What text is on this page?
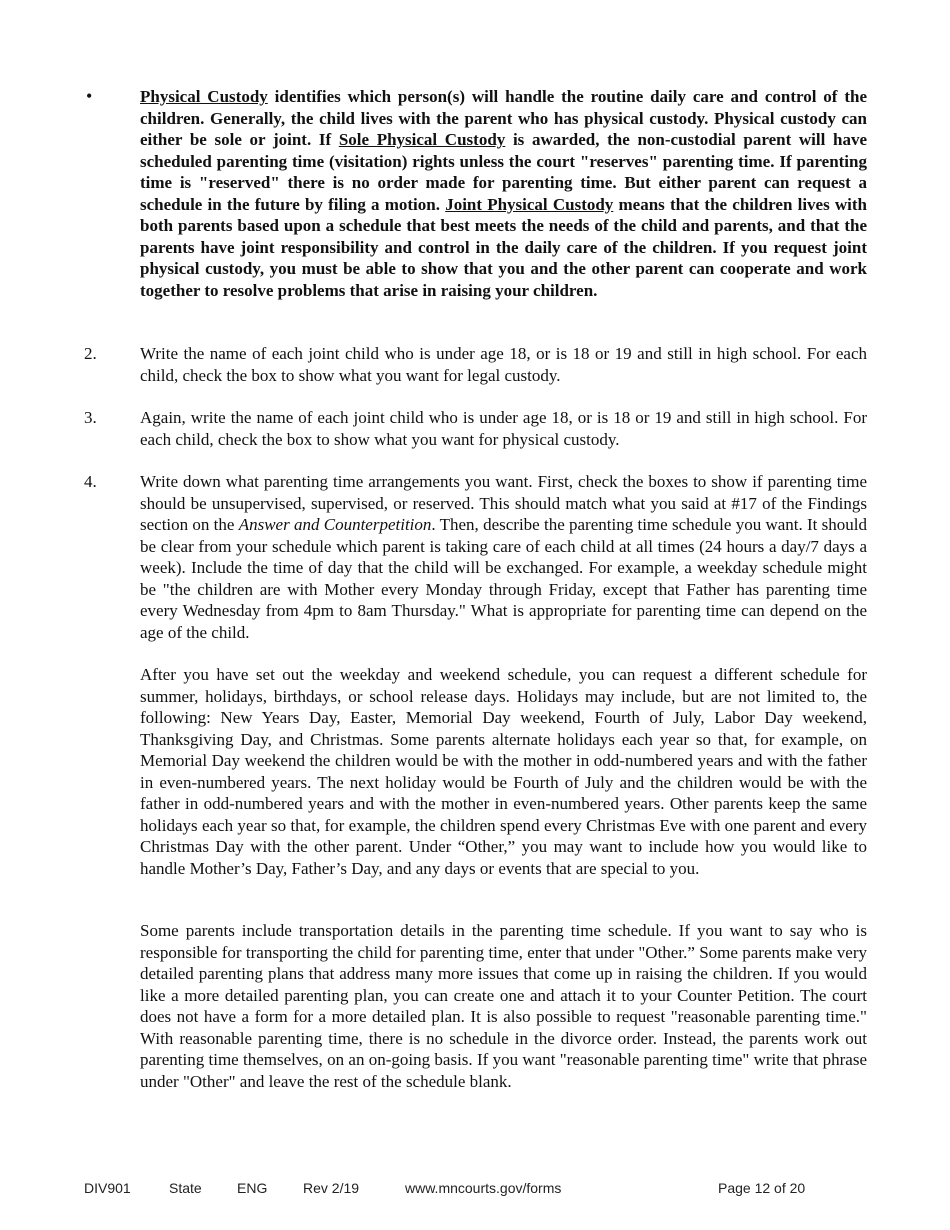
•	Physical Custody identifies which person(s) will handle the routine daily care and control of the children. Generally, the child lives with the parent who has physical custody. Physical custody can either be sole or joint. If Sole Physical Custody is awarded, the non-custodial parent will have scheduled parenting time (visitation) rights unless the court "reserves" parenting time. If parenting time is "reserved" there is no order made for parenting time. But either parent can request a schedule in the future by filing a motion. Joint Physical Custody means that the children lives with both parents based upon a schedule that best meets the needs of the child and parents, and that the parents have joint responsibility and control in the daily care of the children. If you request joint physical custody, you must be able to show that you and the other parent can cooperate and work together to resolve problems that arise in raising your children.

2.	Write the name of each joint child who is under age 18, or is 18 or 19 and still in high school. For each child, check the box to show what you want for legal custody.

3.	Again, write the name of each joint child who is under age 18, or is 18 or 19 and still in high school. For each child, check the box to show what you want for physical custody.

4.	Write down what parenting time arrangements you want. First, check the boxes to show if parenting time should be unsupervised, supervised, or reserved. This should match what you said at #17 of the Findings section on the Answer and Counterpetition. Then, describe the parenting time schedule you want. It should be clear from your schedule which parent is taking care of each child at all times (24 hours a day/7 days a week). Include the time of day that the child will be exchanged. For example, a weekday schedule might be "the children are with Mother every Monday through Friday, except that Father has parenting time every Wednesday from 4pm to 8am Thursday." What is appropriate for parenting time can depend on the age of the child.

After you have set out the weekday and weekend schedule, you can request a different schedule for summer, holidays, birthdays, or school release days. Holidays may include, but are not limited to, the following: New Years Day, Easter, Memorial Day weekend, Fourth of July, Labor Day weekend, Thanksgiving Day, and Christmas. Some parents alternate holidays each year so that, for example, on Memorial Day weekend the children would be with the mother in odd-numbered years and with the father in even-numbered years. The next holiday would be Fourth of July and the children would be with the father in odd-numbered years and with the mother in even-numbered years. Other parents keep the same holidays each year so that, for example, the children spend every Christmas Eve with one parent and every Christmas Day with the other parent. Under “Other,” you may want to include how you would like to handle Mother’s Day, Father’s Day, and any days or events that are special to you.

Some parents include transportation details in the parenting time schedule. If you want to say who is responsible for transporting the child for parenting time, enter that under "Other.” Some parents make very detailed parenting plans that address many more issues that come up in raising the children. If you would like a more detailed parenting plan, you can create one and attach it to your Counter Petition. The court does not have a form for a more detailed plan. It is also possible to request "reasonable parenting time." With reasonable parenting time, there is no schedule in the divorce order. Instead, the parents work out parenting time themselves, on an on-going basis. If you want "reasonable parenting time" write that phrase under "Other" and leave the rest of the schedule blank.

DIV901	State	ENG	Rev 2/19	www.mncourts.gov/forms	Page 12 of 20
